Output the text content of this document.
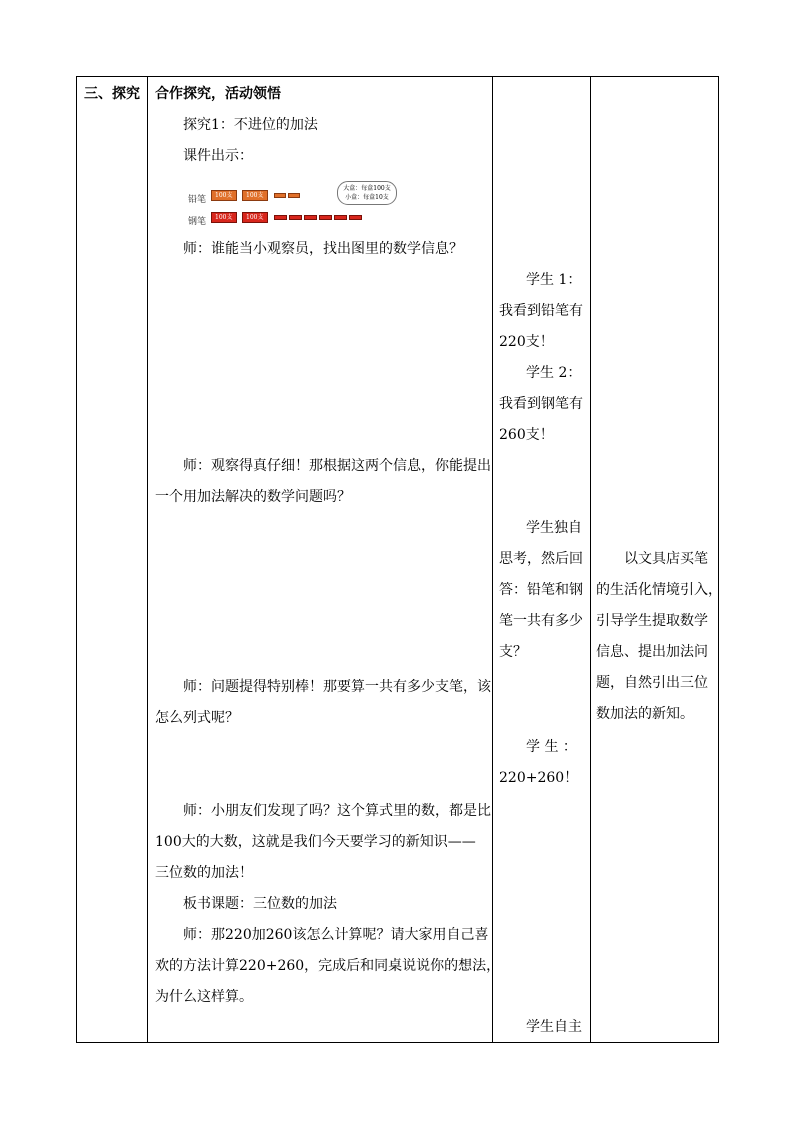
三、探究 合作探究，活动领悟
探究1：不进位的加法
课件出示：
铅笔
钢笔
100支 100支
100支 100支
大盒：每盒100支
小盒：每盒10支
师：谁能当小观察员，找出图里的数学信息？
师：观察得真仔细！那根据这两个信息，你能提出
一个用加法解决的数学问题吗？
师：问题提得特别棒！那要算一共有多少支笔，该
怎么列式呢？
师：小朋友们发现了吗？这个算式里的数，都是比
100大的大数，这就是我们今天要学习的新知识——
三位数的加法！
板书课题：三位数的加法
师：那220加260该怎么计算呢？请大家用自己喜
欢的方法计算220+260，完成后和同桌说说你的想法，
为什么这样算。
学生 1：
我看到铅笔有
220支！
学生 2：
我看到钢笔有
260支！
学生独自
思考，然后回
答：铅笔和钢
笔一共有多少
支？
学 生 ：
220+260！
学生自主
以文具店买笔
的生活化情境引入，
引导学生提取数学
信息、提出加法问
题，自然引出三位
数加法的新知。
